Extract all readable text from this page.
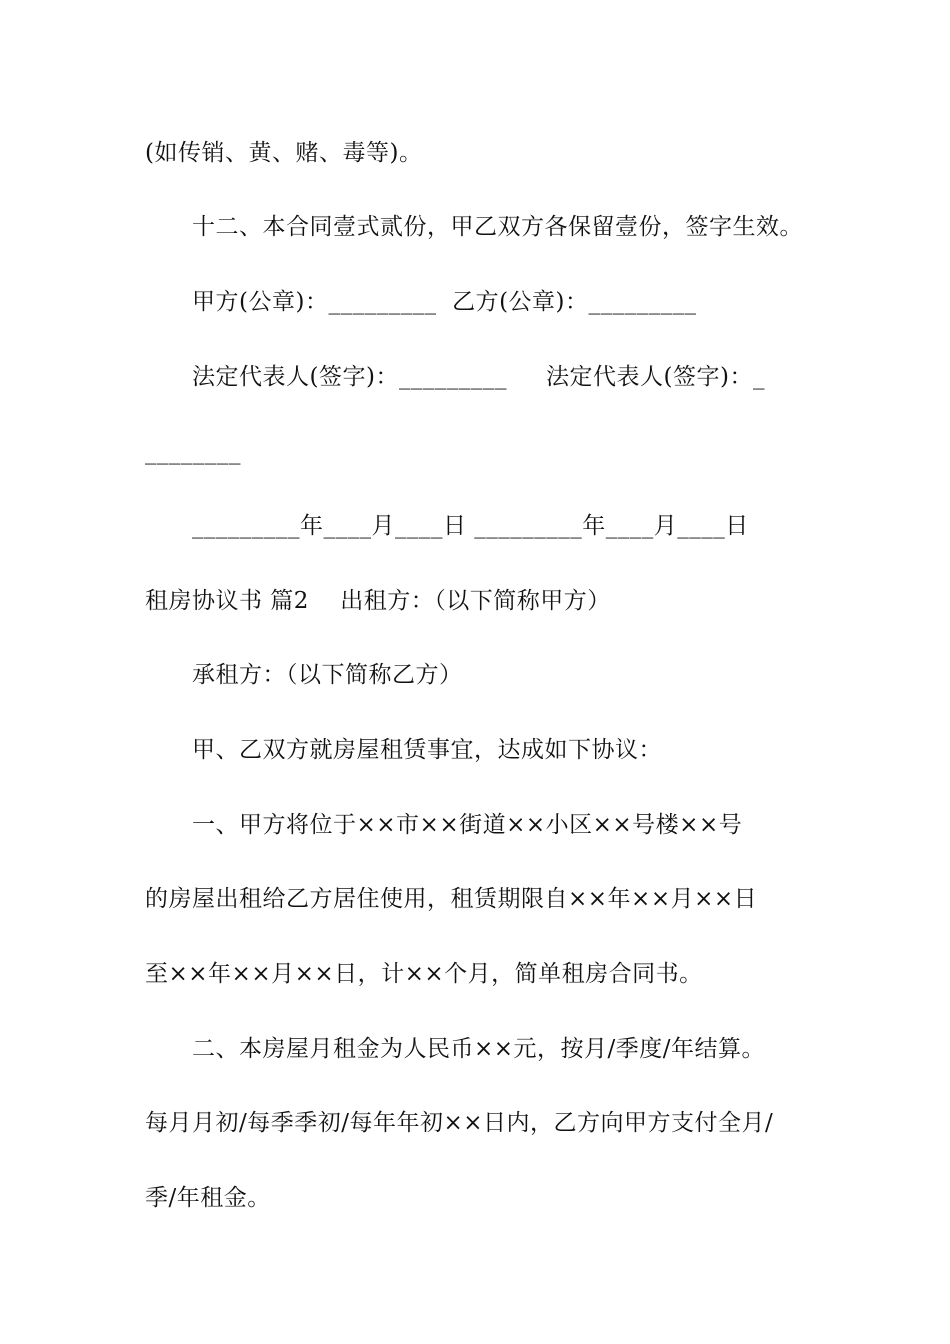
(如传销、黄、赌、毒等)。
十二、本合同壹式贰份，甲乙双方各保留壹份，签字生效。
甲方(公章)：_________  乙方(公章)：_________
法定代表人(签字)：_________     法定代表人(签字)：_
________
_________年____月____日 _________年____月____日
租房协议书 篇2    出租方：（以下简称甲方）
承租方：（以下简称乙方）
甲、乙双方就房屋租赁事宜，达成如下协议：
一、甲方将位于××市××街道××小区××号楼××号
的房屋出租给乙方居住使用，租赁期限自××年××月××日
至××年××月××日，计××个月，简单租房合同书。
二、本房屋月租金为人民币××元，按月/季度/年结算。
每月月初/每季季初/每年年初××日内，乙方向甲方支付全月/
季/年租金。
